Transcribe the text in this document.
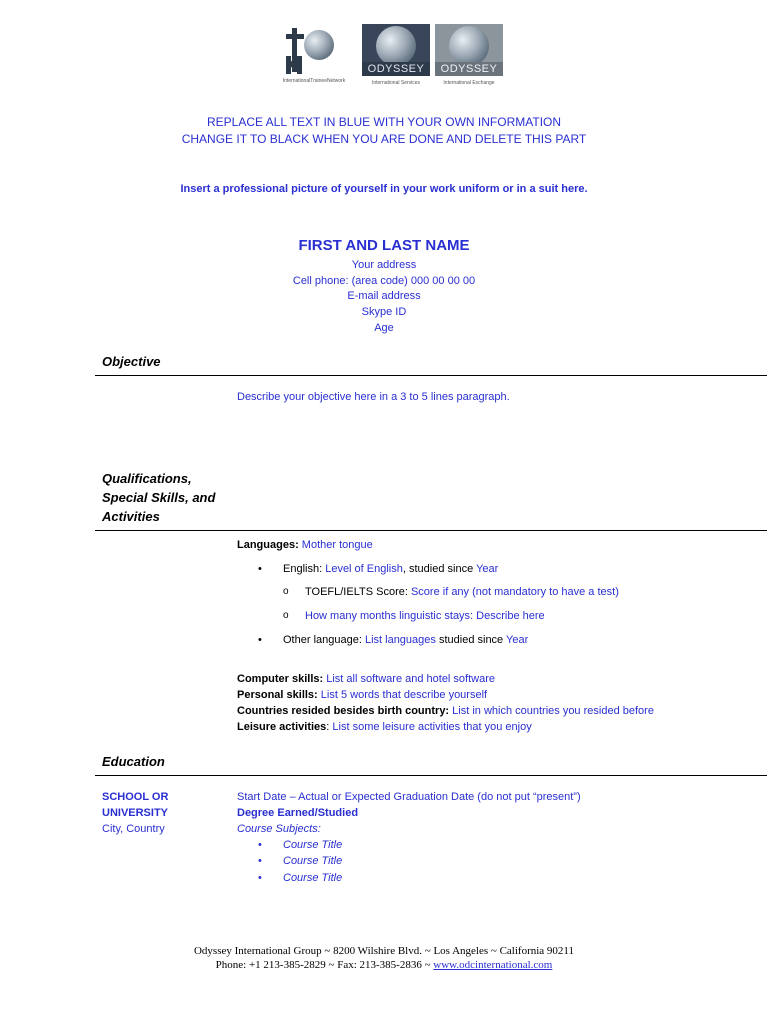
InternationalTraineeNetwork
ODYSSEY
International Services
ODYSSEY
International Exchange
REPLACE ALL TEXT IN BLUE WITH YOUR OWN INFORMATION
CHANGE IT TO BLACK WHEN YOU ARE DONE AND DELETE THIS PART
Insert a professional picture of yourself in your work uniform or in a suit here.
FIRST AND LAST NAME
Your address
Cell phone: (area code) 000 00 00 00
E-mail address
Skype ID
Age
Objective
Describe your objective here in a 3 to 5 lines paragraph.
Qualifications,
Special Skills, and
Activities
Languages: Mother tongue
• English: Level of English, studied since Year
o TOEFL/IELTS Score: Score if any (not mandatory to have a test)
o How many months linguistic stays: Describe here
• Other language: List languages studied since Year
Computer skills: List all software and hotel software
Personal skills: List 5 words that describe yourself
Countries resided besides birth country: List in which countries you resided before
Leisure activities: List some leisure activities that you enjoy
Education
SCHOOL OR
UNIVERSITY
City, Country
Start Date – Actual or Expected Graduation Date (do not put “present”)
Degree Earned/Studied
Course Subjects:
• Course Title
• Course Title
• Course Title
Odyssey International Group ~ 8200 Wilshire Blvd. ~ Los Angeles ~ California 90211
Phone: +1 213-385-2829 ~ Fax: 213-385-2836 ~ www.odcinternational.com
